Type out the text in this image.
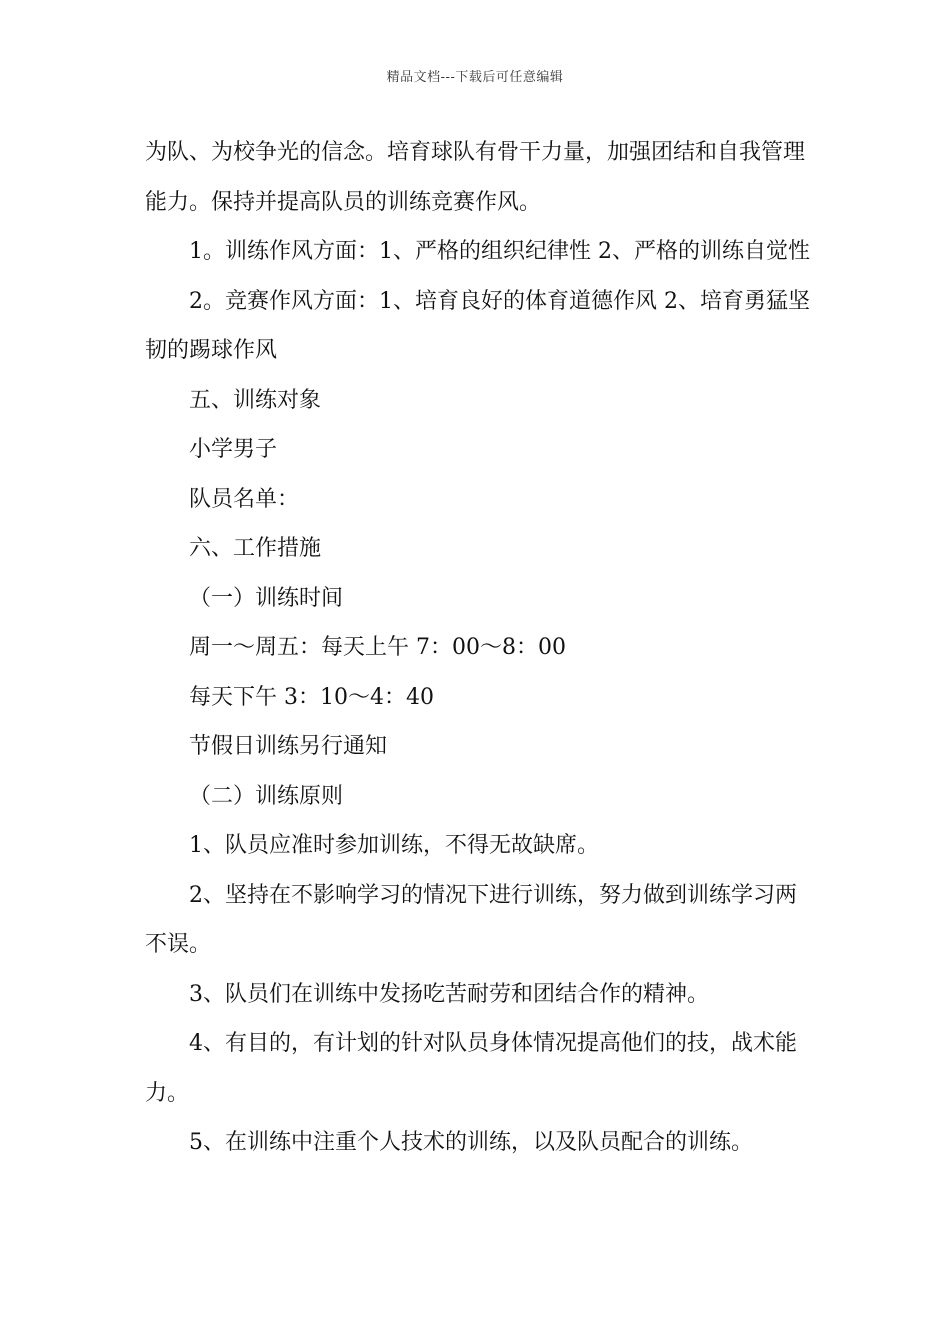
精品文档---下载后可任意编辑

为队、为校争光的信念。培育球队有骨干力量，加强团结和自我管理能力。保持并提高队员的训练竞赛作风。

1。训练作风方面：1、严格的组织纪律性 2、严格的训练自觉性

2。竞赛作风方面：1、培育良好的体育道德作风 2、培育勇猛坚韧的踢球作风

五、训练对象

小学男子

队员名单：

六、工作措施

（一）训练时间

周一～周五：每天上午 7：00～8：00

每天下午 3：10～4：40

节假日训练另行通知

（二）训练原则

1、队员应准时参加训练，不得无故缺席。

2、坚持在不影响学习的情况下进行训练，努力做到训练学习两不误。

3、队员们在训练中发扬吃苦耐劳和团结合作的精神。

4、有目的，有计划的针对队员身体情况提高他们的技，战术能力。

5、在训练中注重个人技术的训练，以及队员配合的训练。
